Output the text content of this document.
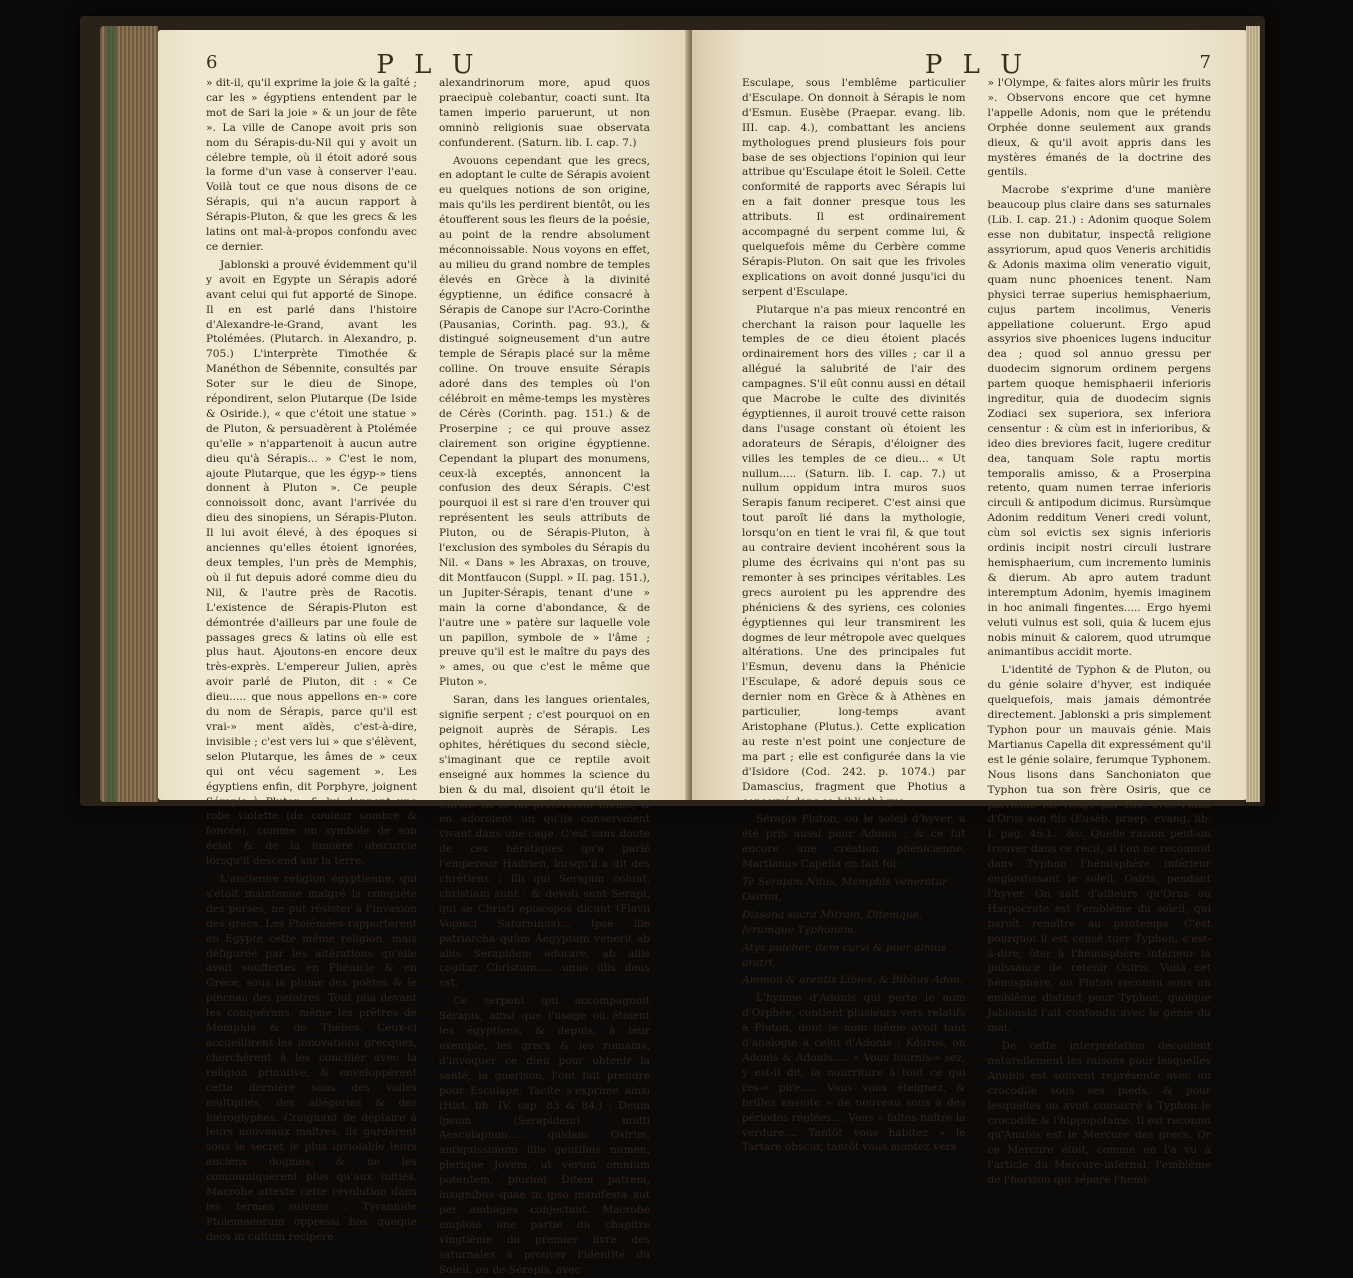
6	P L U

» dit-il, qu'il exprime la joie & la gaîté ; car les » égyptiens entendent par le mot de Sari la joie » & un jour de fête ». La ville de Canope avoit pris son nom du Sérapis-du-Nil qui y avoit un célebre temple, où il étoit adoré sous la forme d'un vase à conserver l'eau. Voilà tout ce que nous disons de ce Sérapis, qui n'a aucun rapport à Sérapis-Pluton, & que les grecs & les latins ont mal-à-propos confondu avec ce dernier.

Jablonski a prouvé évidemment qu'il y avoit en Egypte un Sérapis adoré avant celui qui fut apporté de Sinope. Il en est parlé dans l'histoire d'Alexandre-le-Grand, avant les Ptolémées. (Plutarch. in Alexandro, p. 705.) L'interprète Timothée & Manéthon de Sébennite, consultés par Soter sur le dieu de Sinope, répondirent, selon Plutarque (De Iside & Osiride.), « que c'étoit une statue » de Pluton, & persuadèrent à Ptolémée qu'elle » n'appartenoit à aucun autre dieu qu'à Sérapis... » C'est le nom, ajoute Plutarque, que les égyp-» tiens donnent à Pluton ». Ce peuple connoissoit donc, avant l'arrivée du dieu des sinopiens, un Sérapis-Pluton. Il lui avoit élevé, à des époques si anciennes qu'elles étoient ignorées, deux temples, l'un près de Memphis, où il fut depuis adoré comme dieu du Nil, & l'autre près de Racotis. L'existence de Sérapis-Pluton est démontrée d'ailleurs par une foule de passages grecs & latins où elle est plus haut. Ajoutons-en encore deux très-exprès. L'empereur Julien, après avoir parlé de Pluton, dit : « Ce dieu..... que nous appellons en-» core du nom de Sérapis, parce qu'il est vrai-» ment aïdès, c'est-à-dire, invisible ; c'est vers lui » que s'élèvent, selon Plutarque, les âmes de » ceux qui ont vécu sagement ». Les égyptiens enfin, dit Porphyre, joignent Sérapis à Pluton, & lui donnent une robe violette (de couleur sombre & foncée), comme un symbole de son éclat & de la lumière obscurcie lorsqu'il descend sur la terre.

L'ancienne religion égyptienne, qui s'étoit maintenue malgré la conquête des perses, ne put résister à l'invasion des grecs. Les Ptolémées rapportèrent en Egypte cette même religion, mais défigurée par les altérations qu'elle avoit souffertes en Phénicie & en Grèce, sous la plume des poëtes & le pinceau des peintres. Tout plia devant les conquérans, même les prêtres de Memphis & de Thèbes. Ceux-ci accueillirent les innovations grecques, cherchèrent à les concilier avec la religion primitive, & enveloppèrent cette dernière sous des voiles multipliés, des allégories & des hiéroglyphes. Craignant de déplaire à leurs nouveaux maîtres, ils gardèrent sous le secret le plus inviolable leurs anciens dogmes, & ne les communiquèrent plus qu'aux initiés. Macrobe atteste cette révolution dans les termes suivans : Tyrannide Ptolemaeorum oppressi hos quoque deos in cultum recipere

alexandrinorum more, apud quos praecipuè colebantur, coacti sunt. Ita tamen imperio paruerunt, ut non omninò religionis suae observata confunderent. (Saturn. lib. I. cap. 7.)

Avouons cependant que les grecs, en adoptant le culte de Sérapis avoient eu quelques notions de son origine, mais qu'ils les perdirent bientôt, ou les étoufferent sous les fleurs de la poésie, au point de la rendre absolument méconnoissable. Nous voyons en effet, au milieu du grand nombre de temples élevés en Grèce à la divinité égyptienne, un édifice consacré à Sérapis de Canope sur l'Acro-Corinthe (Pausanias, Corinth. pag. 93.), & distingué soigneusement d'un autre temple de Sérapis placé sur la même colline. On trouve ensuite Sérapis adoré dans des temples où l'on célébroit en même-temps les mystères de Cérès (Corinth. pag. 151.) & de Proserpine ; ce qui prouve assez clairement son origine égyptienne. Cependant la plupart des monumens, ceux-là exceptés, annoncent la confusion des deux Sérapis. C'est pourquoi il est si rare d'en trouver qui représentent les seuls attributs de Pluton, ou de Sérapis-Pluton, à l'exclusion des symboles du Sérapis du Nil. « Dans » les Abraxas, on trouve, dit Montfaucon (Suppl. » II. pag. 151.), un Jupiter-Sérapis, tenant d'une » main la corne d'abondance, & de l'autre une » patère sur laquelle vole un papillon, symbole de » l'âme ; preuve qu'il est le maître du pays des » ames, ou que c'est le même que Pluton ».

Saran, dans les langues orientales, signifie serpent ; c'est pourquoi on en peignoit auprès de Sérapis. Les ophites, hérétiques du second siècle, s'imaginant que ce reptile avoit enseigné aux hommes la science du bien & du mal, disoient qu'il étoit le Christ. Ils le lui préféroient même, & en adoroient un qu'ils conservoient vivant dans une cage. C'est sans doute de ces hérétiques qu'a parlé l'empereur Hadrien, lorsqu'il a dit des chrétiens : Illi qui Serapim colunt, christiani sunt : & devoti sunt Serapi, qui se Christi episcopos dicunt (Flavii Vopisci Saturninus)... Ipse ille patriarcha quùm Aegyptum venerit ab aliis Serapidem adorare, ab aliis cogitur Christum..... unus illis deus est.

Ce serpent qui accompagnoit Sérapis, ainsi que l'usage où étoient les égyptiens, & depuis, à leur exemple, les grecs & les romains, d'invoquer ce dieu pour obtenir la santé, la guérison, l'ont fait prendre pour Esculape. Tacite s'exprime ainsi (Hist. lib. IV. cap. 83 & 84.) : Deum ipsum (Serapidem) multi Aesculapium..... quidam Osirim, antiquissimum illis gentibus numen, plerique Jovem, ut verum omnium potentem, plurimi Ditem patrem, insignibus quae in ipso manifesta aut per ambages conjectant. Macrobe emploie une partie du chapitre vingtième du premier livre des saturnales à prouver l'identité du Soleil, ou de Sérapis, avec

P L U	7

Esculape, sous l'emblême particulier d'Esculape. On donnoit à Sérapis le nom d'Esmun. Eusèbe (Praepar. evang. lib. III. cap. 4.), combattant les anciens mythologues prend plusieurs fois pour base de ses objections l'opinion qui leur attribue qu'Esculape étoit le Soleil. Cette conformité de rapports avec Sérapis lui en a fait donner presque tous les attributs. Il est ordinairement accompagné du serpent comme lui, & quelquefois même du Cerbère comme Sérapis-Pluton. On sait que les frivoles explications on avoit donné jusqu'ici du serpent d'Esculape.

Plutarque n'a pas mieux rencontré en cherchant la raison pour laquelle les temples de ce dieu étoient placés ordinairement hors des villes ; car il a allégué la salubrité de l'air des campagnes. S'il eût connu aussi en détail que Macrobe le culte des divinités égyptiennes, il auroit trouvé cette raison dans l'usage constant où étoient les adorateurs de Sérapis, d'éloigner des villes les temples de ce dieu... « Ut nullum..... (Saturn. lib. I. cap. 7.) ut nullum oppidum intra muros suos Serapis fanum reciperet. C'est ainsi que tout paroît lié dans la mythologie, lorsqu'on en tient le vrai fil, & que tout au contraire devient incohérent sous la plume des écrivains qui n'ont pas su remonter à ses principes véritables. Les grecs auroient pu les apprendre des phéniciens & des syriens, ces colonies égyptiennes qui leur transmirent les dogmes de leur métropole avec quelques altérations. Une des principales fut l'Esmun, devenu dans la Phénicie l'Esculape, & adoré depuis sous ce dernier nom en Grèce & à Athènes en particulier, long-temps avant Aristophane (Plutus.). Cette explication au reste n'est point une conjecture de ma part ; elle est configurée dans la vie d'Isidore (Cod. 242. p. 1074.) par Damascius, fragment que Photius a conservé dans sa bibliothèque.

Sérapis Pluton, ou le soleil d'hyver, a été pris aussi pour Adonis ; & ce fut encore une création phénicienne. Martianus Capella en fait foi :

Te Serapim Nilus, Memphis veneratur Osirim,

Dissona sacra Mitram, Ditemque, ferumque Typhonem.

Atys pulcher, item curvi & puer almus aratri,

Ammon & arentis Libies, & Biblius Adon.

L'hymne d'Adonis qui porte le nom d'Orphée, contient plusieurs vers relatifs à Pluton, dont le nom même avoit tant d'analogie à celui d'Adonis : Kóuros, on Adonis & Adonis..... « Vous fournis-» sez, y est-il dit, la nourriture à tout ce qui res-» pire..... Vous vous éteignez, & brillez ensuite » de nouveau sous à des périodes réglées.... Vous » faites naître la verdure.... Tantôt vous habitez » le Tartare obscur, tantôt vous montez vers

» l'Olympe, & faites alors mûrir les fruits ». Observons encore que cet hymne l'appelle Adonis, nom que le prétendu Orphée donne seulement aux grands dieux, & qu'il avoit appris dans les mystères émanés de la doctrine des gentils.

Macrobe s'exprime d'une manière beaucoup plus claire dans ses saturnales (Lib. I. cap. 21.) : Adonim quoque Solem esse non dubitatur, inspectâ religione assyriorum, apud quos Veneris architidis & Adonis maxima olim veneratio viguit, quam nunc phoenices tenent. Nam physici terrae superius hemisphaerium, cujus partem incolimus, Veneris appellatione coluerunt. Ergo apud assyrios sive phoenices lugens inducitur dea ; quod sol annuo gressu per duodecim signorum ordinem pergens partem quoque hemisphaerii inferioris ingreditur, quia de duodecim signis Zodiaci sex superiora, sex inferiora censentur : & cùm est in inferioribus, & ideo dies breviores facit, lugere creditur dea, tanquam Sole raptu mortis temporalis amisso, & a Proserpina retento, quam numen terrae inferioris circuli & antipodum dicimus. Rursùmque Adonim redditum Veneri credi volunt, cùm sol evictis sex signis inferioris ordinis incipit nostri circuli lustrare hemisphaerium, cum incremento luminis & dierum. Ab apro autem tradunt interemptum Adonim, hyemis imaginem in hoc animali fingentes..... Ergo hyemi veluti vulnus est soli, quia & lucem ejus nobis minuit & calorem, quod utrumque animantibus accidit morte.

L'identité de Typhon & de Pluton, ou du génie solaire d'hyver, est indiquée quelquefois, mais jamais démontrée directement. Jablonski a pris simplement Typhon pour un mauvais génie. Mais Martianus Capella dit expressément qu'il est le génie solaire, ferumque Typhonem. Nous lisons dans Sanchoniaton que Typhon tua son frère Osiris, que ce parricide fut vengé par Isis, avec l'aide d'Orus son fils (Eusèb. praep. evang. lib. I. pag. 46.)... &c. Quelle raison peut-on trouver dans ce récit, si l'on ne reconnoit dans Typhon l'hémisphère inférieur engloutissant le soleil, Osiris, pendant l'hyver. On sait d'ailleurs qu'Orus ou Harpocrate est l'emblême du soleil, qui paroît renaître au printemps. C'est pourquoi il est censé tuer Typhon, c'est-à-dire, ôter à l'hémisphère inférieur la puissance de retenir Osiris. Voilà cet hémisphère, ou Pluton reconnu sous un emblême distinct pour Typhon, quoique Jablonski l'ait confondu avec le génie du mal.

De cette interprétation découlent naturellement les raisons pour lesquelles Anubis est souvent représenté avec un crocodile sous ses pieds, & pour lesquelles on avoit consacré à Typhon le crocodile & l'hippopotame. Il est reconnu qu'Anubis est le Mercure des grecs. Or ce Mercure étoit, comme on l'a vu à l'article du Mercure-infernal, l'emblême de l'horizon qui sépare l'hémi-
